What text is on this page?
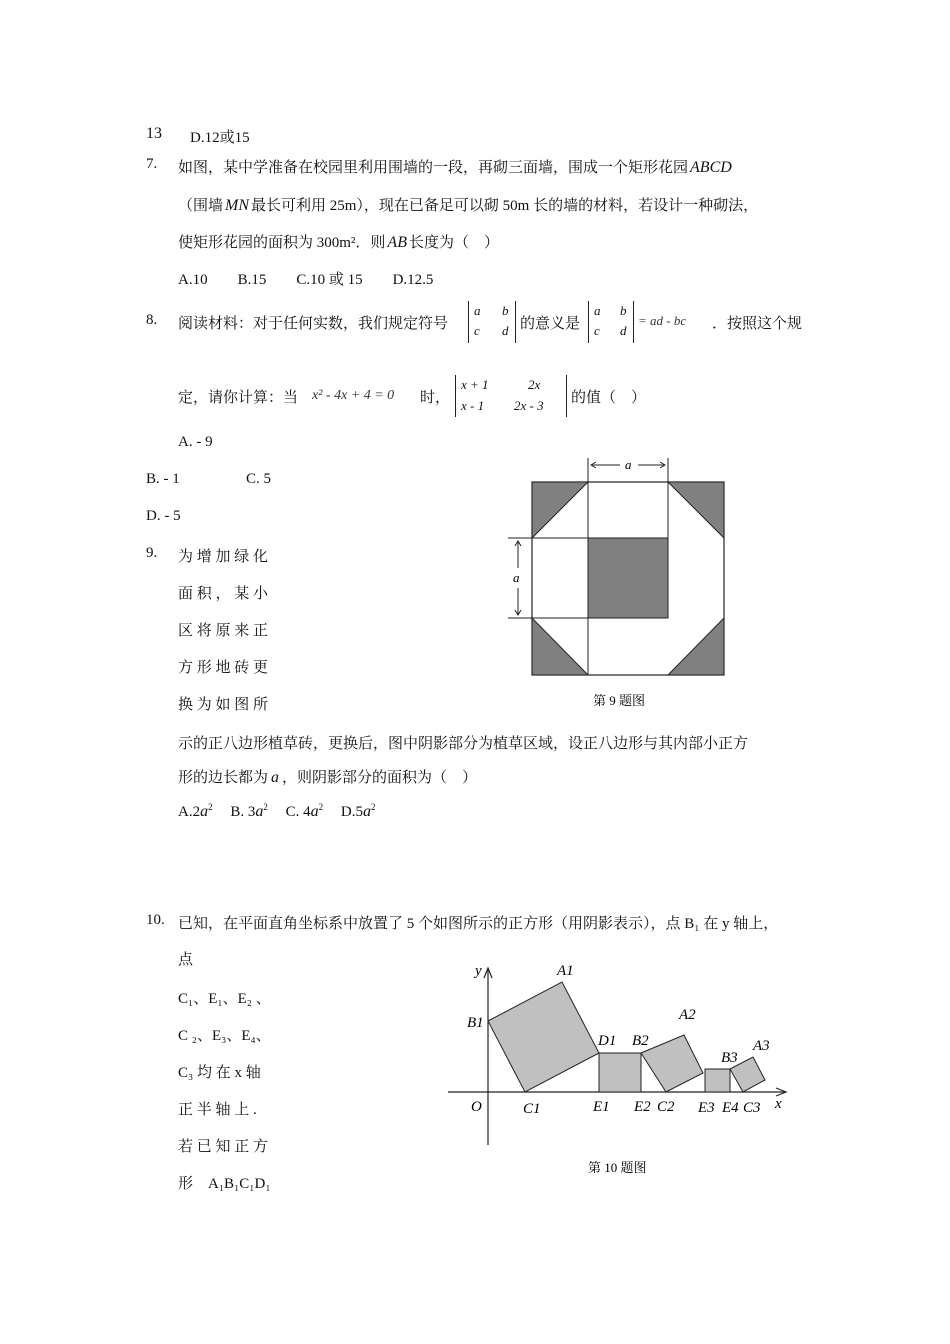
13 D.12或15
7. 如图，某中学准备在校园里利用围墙的一段，再砌三面墙，围成一个矩形花园 ABCD
（围墙 MN 最长可利用 25m），现在已备足可以砌 50m 长的墙的材料，若设计一种砌法，
使矩形花园的面积为 300m²．则 AB 长度为（　）
A.10　　B.15　　C.10 或 15　　D.12.5
8. 阅读材料：对于任何实数，我们规定符号
a b
c d 的意义是
a b
c d
= ad - bc ．按照这个规
定，请你计算：当 x² - 4x + 4 = 0 时，
x + 1	2x
x - 1 2x - 3 的值（　）
A. - 9
B. - 1	C. 5
D. - 5
9. 为 增 加 绿 化
面 积 ， 某 小
区 将 原 来 正
方 形 地 砖 更
换 为 如 图 所
示的正八边形植草砖，更换后，图中阴影部分为植草区域，设正八边形与其内部小正方
形的边长都为 a ，则阴影部分的面积为（　）
$A.2a^2$ B. $3a^2$ C. $4a^2$ $D.5a^2$
a
a
第 9 题图
10. 已知，在平面直角坐标系中放置了 5 个如图所示的正方形（用阴影表示），点 B₁ 在 y 轴上，
点
C₁、E₁、E₂ 、
C ₂、E₃、E₄、
C₃ 均 在 x 轴
正 半 轴 上 .
若 已 知 正 方
形　A₁B₁C₁D₁
y
x
O
A1
B1
C1
D1
E1
B2
A2
E2 C2
B3
A3
E3 E4 C3
第 10 题图
